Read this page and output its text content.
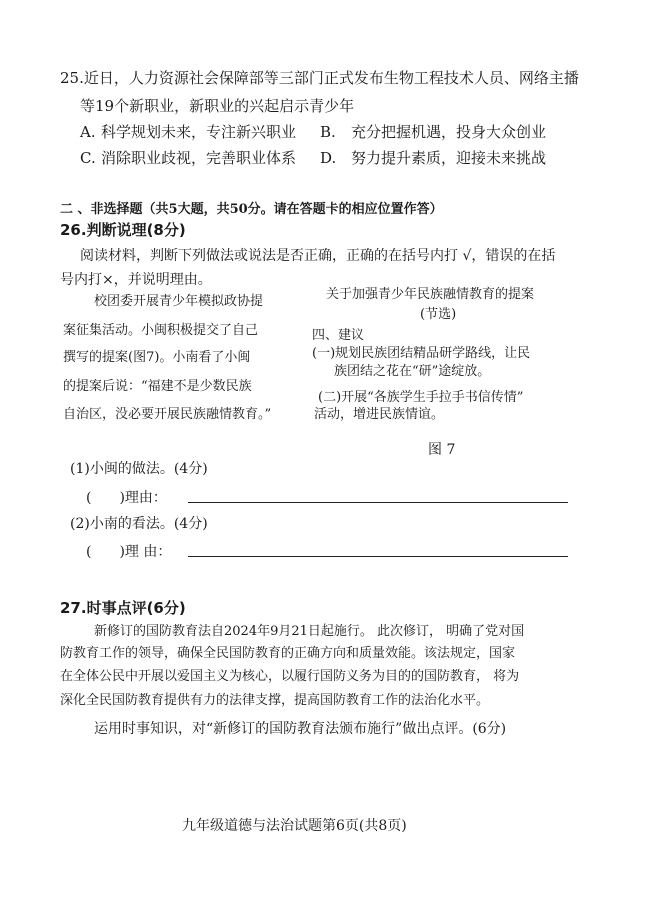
25.近日，人力资源社会保障部等三部门正式发布生物工程技术人员、网络主播
等19个新职业，新职业的兴起启示青少年
A. 科学规划未来，专注新兴职业 B. 充分把握机遇，投身大众创业
C. 消除职业歧视，完善职业体系 D. 努力提升素质，迎接未来挑战
二 、非选择题（共5大题，共50分。请在答题卡的相应位置作答）
26.判断说理(8分)
阅读材料，判断下列做法或说法是否正确，正确的在括号内打 √，错误的在括
号内打×，并说明理由。
校团委开展青少年模拟政协提
案征集活动。小闽积极提交了自己
撰写的提案(图7)。小南看了小闽
的提案后说：“福建不是少数民族
自治区，没必要开展民族融情教育。”
关于加强青少年民族融情教育的提案
(节选)
四、建议
(一)规划民族团结精品研学路线，让民
族团结之花在“研”途绽放。
(二)开展“各族学生手拉手书信传情”
活动，增进民族情谊。
图 7
(1)小闽的做法。(4分)
(　　)理由：
(2)小南的看法。(4分)
(　　)理 由：
27.时事点评(6分)
新修订的国防教育法自2024年9月21日起施行。 此次修订， 明确了党对国
防教育工作的领导，确保全民国防教育的正确方向和质量效能。该法规定，国家
在全体公民中开展以爱国主义为核心，以履行国防义务为目的的国防教育， 将为
深化全民国防教育提供有力的法律支撑，提高国防教育工作的法治化水平。
运用时事知识，对“新修订的国防教育法颁布施行”做出点评。(6分)
九年级道德与法治试题第6页(共8页)
